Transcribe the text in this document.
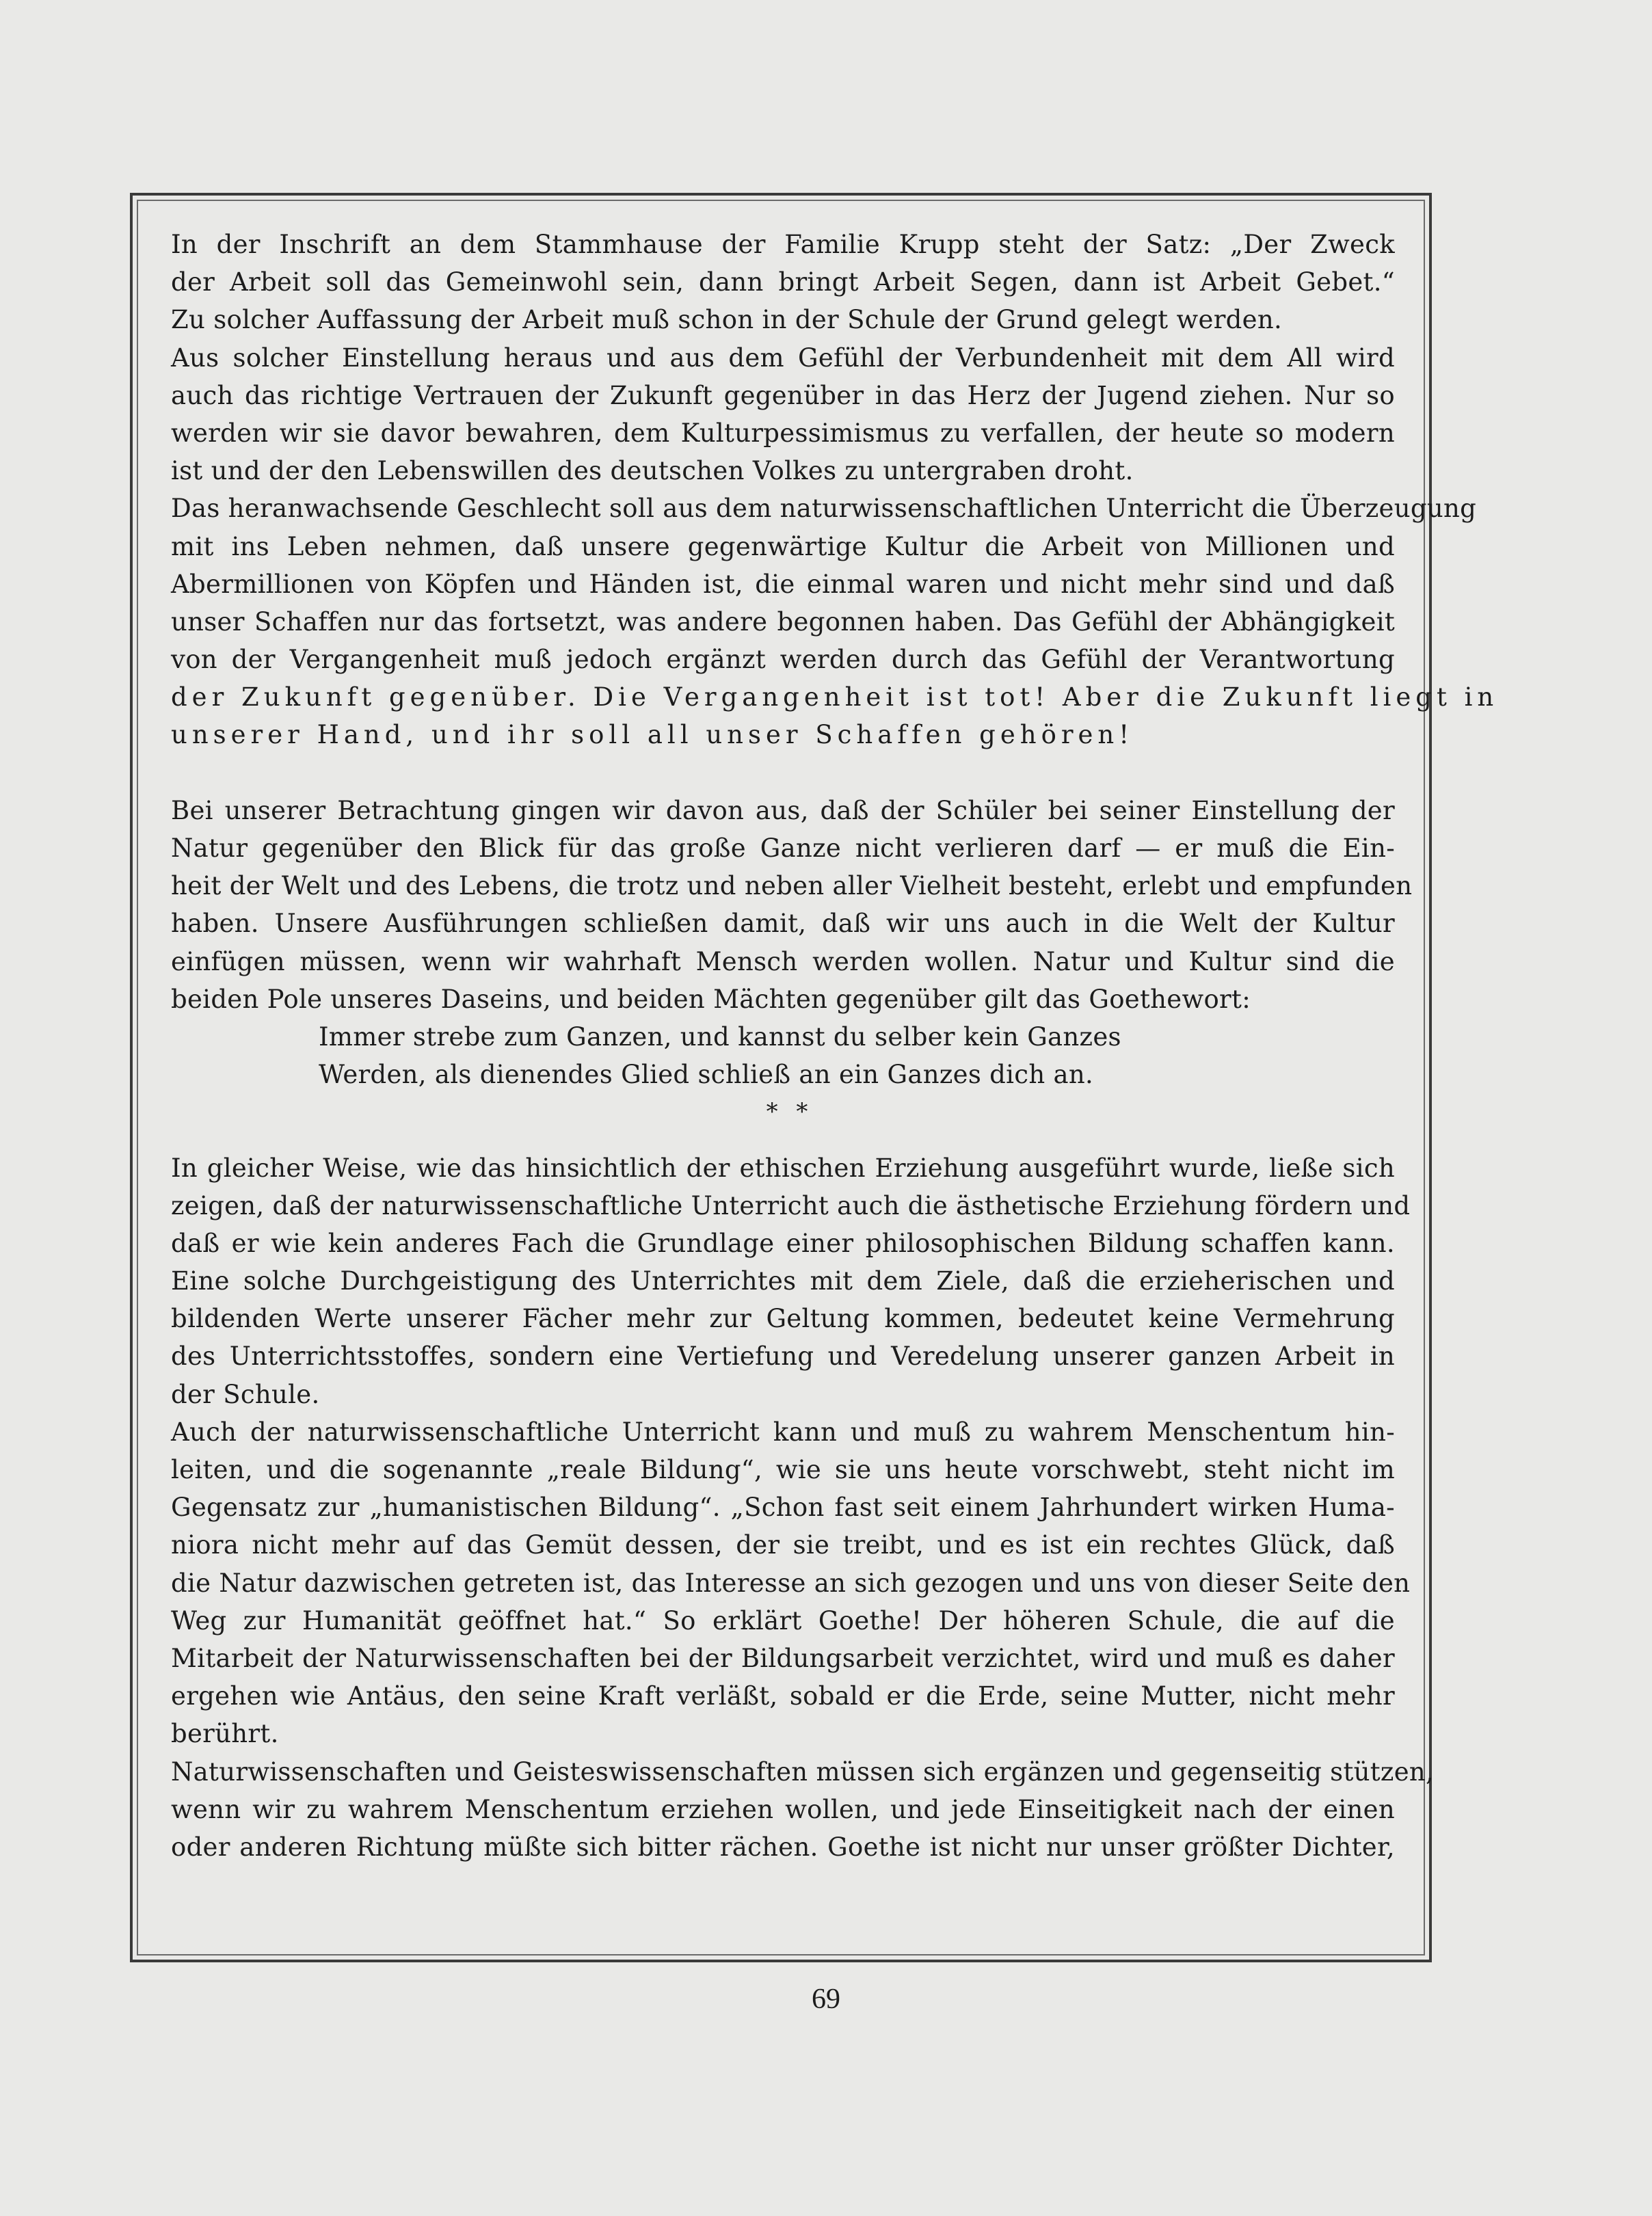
In der Inschrift an dem Stammhause der Familie Krupp steht der Satz: „Der Zweck
der Arbeit soll das Gemeinwohl sein, dann bringt Arbeit Segen, dann ist Arbeit Gebet.“
Zu solcher Auffassung der Arbeit muß schon in der Schule der Grund gelegt werden.
Aus solcher Einstellung heraus und aus dem Gefühl der Verbundenheit mit dem All wird
auch das richtige Vertrauen der Zukunft gegenüber in das Herz der Jugend ziehen. Nur so
werden wir sie davor bewahren, dem Kulturpessimismus zu verfallen, der heute so modern
ist und der den Lebenswillen des deutschen Volkes zu untergraben droht.
Das heranwachsende Geschlecht soll aus dem naturwissenschaftlichen Unterricht die Überzeugung
mit ins Leben nehmen, daß unsere gegenwärtige Kultur die Arbeit von Millionen und
Abermillionen von Köpfen und Händen ist, die einmal waren und nicht mehr sind und daß
unser Schaffen nur das fortsetzt, was andere begonnen haben. Das Gefühl der Abhängigkeit
von der Vergangenheit muß jedoch ergänzt werden durch das Gefühl der Verantwortung
der Zukunft gegenüber. Die Vergangenheit ist tot! Aber die Zukunft liegt in
unserer Hand, und ihr soll all unser Schaffen gehören!
Bei unserer Betrachtung gingen wir davon aus, daß der Schüler bei seiner Einstellung der
Natur gegenüber den Blick für das große Ganze nicht verlieren darf — er muß die Ein-
heit der Welt und des Lebens, die trotz und neben aller Vielheit besteht, erlebt und empfunden
haben. Unsere Ausführungen schließen damit, daß wir uns auch in die Welt der Kultur
einfügen müssen, wenn wir wahrhaft Mensch werden wollen. Natur und Kultur sind die
beiden Pole unseres Daseins, und beiden Mächten gegenüber gilt das Goethewort:
Immer strebe zum Ganzen, und kannst du selber kein Ganzes
Werden, als dienendes Glied schließ an ein Ganzes dich an.
* *
In gleicher Weise, wie das hinsichtlich der ethischen Erziehung ausgeführt wurde, ließe sich
zeigen, daß der naturwissenschaftliche Unterricht auch die ästhetische Erziehung fördern und
daß er wie kein anderes Fach die Grundlage einer philosophischen Bildung schaffen kann.
Eine solche Durchgeistigung des Unterrichtes mit dem Ziele, daß die erzieherischen und
bildenden Werte unserer Fächer mehr zur Geltung kommen, bedeutet keine Vermehrung
des Unterrichtsstoffes, sondern eine Vertiefung und Veredelung unserer ganzen Arbeit in
der Schule.
Auch der naturwissenschaftliche Unterricht kann und muß zu wahrem Menschentum hin-
leiten, und die sogenannte „reale Bildung“, wie sie uns heute vorschwebt, steht nicht im
Gegensatz zur „humanistischen Bildung“. „Schon fast seit einem Jahrhundert wirken Huma-
niora nicht mehr auf das Gemüt dessen, der sie treibt, und es ist ein rechtes Glück, daß
die Natur dazwischen getreten ist, das Interesse an sich gezogen und uns von dieser Seite den
Weg zur Humanität geöffnet hat.“ So erklärt Goethe! Der höheren Schule, die auf die
Mitarbeit der Naturwissenschaften bei der Bildungsarbeit verzichtet, wird und muß es daher
ergehen wie Antäus, den seine Kraft verläßt, sobald er die Erde, seine Mutter, nicht mehr
berührt.
Naturwissenschaften und Geisteswissenschaften müssen sich ergänzen und gegenseitig stützen,
wenn wir zu wahrem Menschentum erziehen wollen, und jede Einseitigkeit nach der einen
oder anderen Richtung müßte sich bitter rächen. Goethe ist nicht nur unser größter Dichter,
69
